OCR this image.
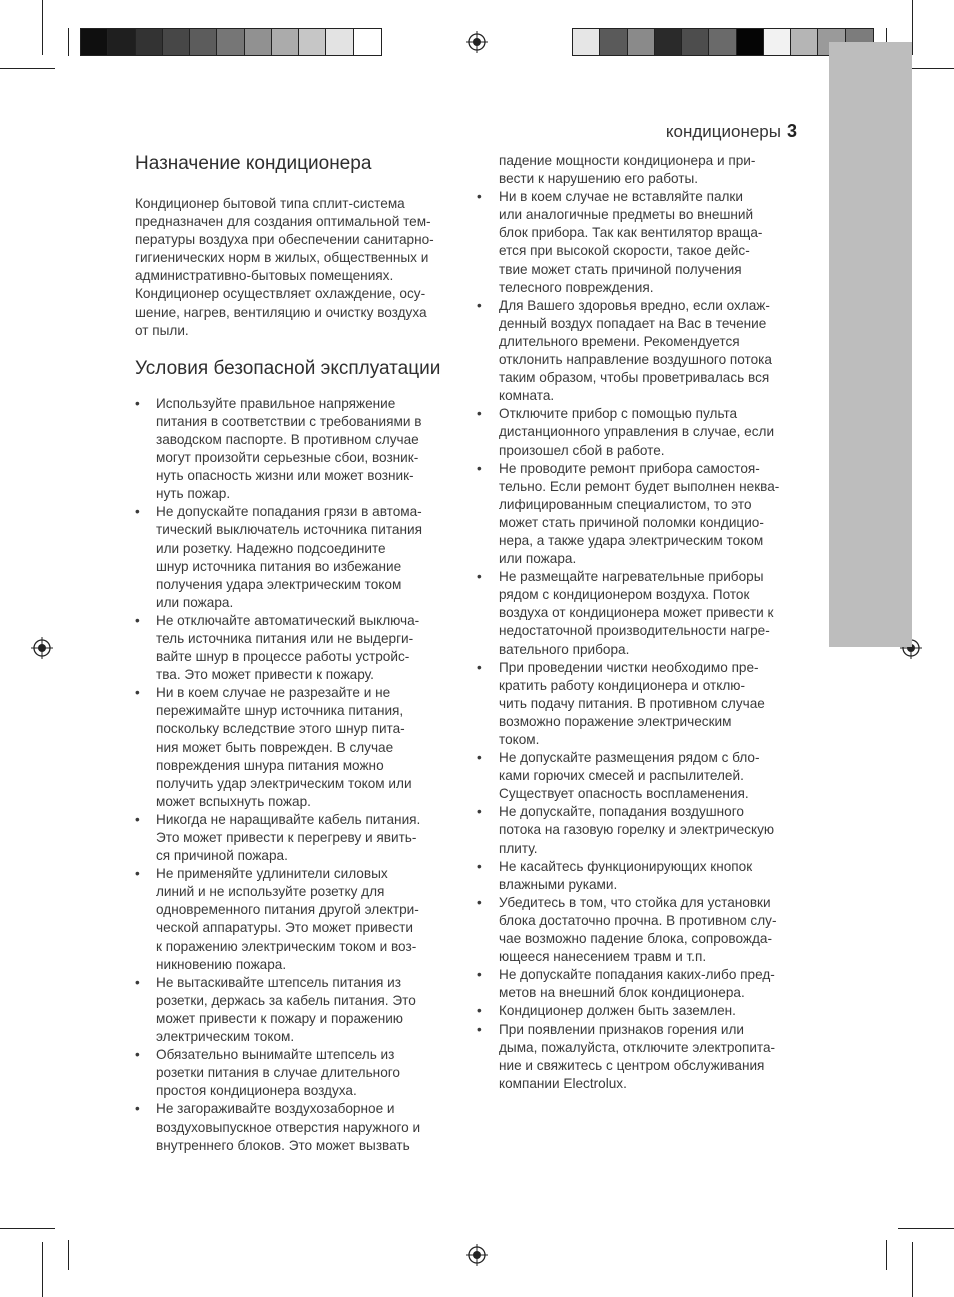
кондиционеры 3
Назначение кондиционера
Кондиционер бытовой типа сплит-система
предназначен для создания оптимальной тем-
пературы воздуха при обеспечении санитарно-
гигиенических норм в жилых, общественных и
административно-бытовых помещениях.
Кондиционер осуществляет охлаждение, осу-
шение, нагрев, вентиляцию и очистку воздуха
от пыли.
Условия безопасной эксплуатации
• Используйте правильное напряжение
питания в соответствии с требованиями в
заводском паспорте. В противном случае
могут произойти серьезные сбои, возник-
нуть опасность жизни или может возник-
нуть пожар.
• Не допускайте попадания грязи в автома-
тический выключатель источника питания
или розетку. Надежно подсоедините
шнур источника питания во избежание
получения удара электрическим током
или пожара.
• Не отключайте автоматический выключа-
тель источника питания или не выдерги-
вайте шнур в процессе работы устройс-
тва. Это может привести к пожару.
• Ни в коем случае не разрезайте и не
пережимайте шнур источника питания,
поскольку вследствие этого шнур пита-
ния может быть поврежден. В случае
повреждения шнура питания можно
получить удар электрическим током или
может вспыхнуть пожар.
• Никогда не наращивайте кабель питания.
Это может привести к перегреву и явить-
ся причиной пожара.
• Не применяйте удлинители силовых
линий и не используйте розетку для
одновременного питания другой электри-
ческой аппаратуры. Это может привести
к поражению электрическим током и воз-
никновению пожара.
• Не вытаскивайте штепсель питания из
розетки, держась за кабель питания. Это
может привести к пожару и поражению
электрическим током.
• Обязательно вынимайте штепсель из
розетки питания в случае длительного
простоя кондиционера воздуха.
• Не загораживайте воздухозаборное и
воздуховыпускное отверстия наружного и
внутреннего блоков. Это может вызвать
падение мощности кондиционера и при-
вести к нарушению его работы.
• Ни в коем случае не вставляйте палки
или аналогичные предметы во внешний
блок прибора. Так как вентилятор враща-
ется при высокой скорости, такое дейс-
твие может стать причиной получения
телесного повреждения.
• Для Вашего здоровья вредно, если охлаж-
денный воздух попадает на Вас в течение
длительного времени. Рекомендуется
отклонить направление воздушного потока
таким образом, чтобы проветривалась вся
комната.
• Отключите прибор с помощью пульта
дистанционного управления в случае, если
произошел сбой в работе.
• Не проводите ремонт прибора самостоя-
тельно. Если ремонт будет выполнен неква-
лифицированным специалистом, то это
может стать причиной поломки кондицио-
нера, а также удара электрическим током
или пожара.
• Не размещайте нагревательные приборы
рядом с кондиционером воздуха. Поток
воздуха от кондиционера может привести к
недостаточной производительности нагре-
вательного прибора.
• При проведении чистки необходимо пре-
кратить работу кондиционера и отклю-
чить подачу питания. В противном случае
возможно поражение электрическим
током.
• Не допускайте размещения рядом с бло-
ками горючих смесей и распылителей.
Существует опасность воспламенения.
• Не допускайте, попадания воздушного
потока на газовую горелку и электрическую
плиту.
• Не касайтесь функционирующих кнопок
влажными руками.
• Убедитесь в том, что стойка для установки
блока достаточно прочна. В противном слу-
чае возможно падение блока, сопровожда-
ющееся нанесением травм и т.п.
• Не допускайте попадания каких-либо пред-
метов на внешний блок кондиционера.
• Кондиционер должен быть заземлен.
• При появлении признаков горения или
дыма, пожалуйста, отключите электропита-
ние и свяжитесь с центром обслуживания
компании Electrolux.
